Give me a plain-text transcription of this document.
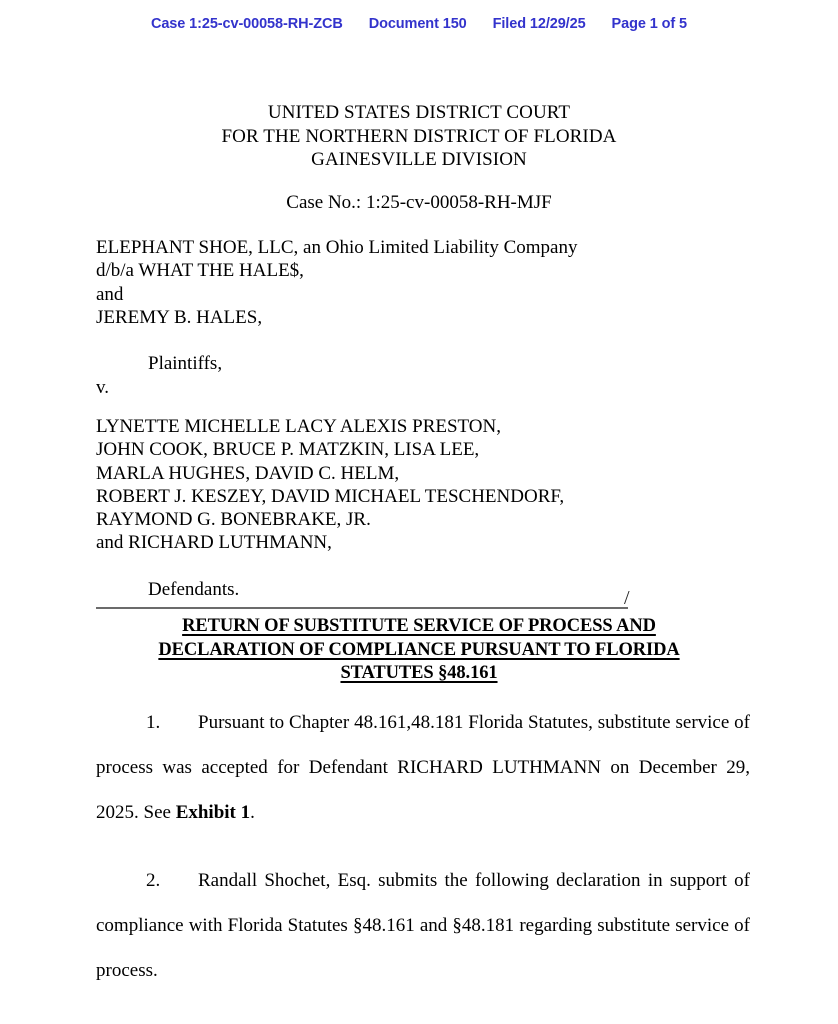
Case 1:25-cv-00058-RH-ZCB Document 150 Filed 12/29/25 Page 1 of 5
UNITED STATES DISTRICT COURT
FOR THE NORTHERN DISTRICT OF FLORIDA
GAINESVILLE DIVISION
Case No.: 1:25-cv-00058-RH-MJF
ELEPHANT SHOE, LLC, an Ohio Limited Liability Company
d/b/a WHAT THE HALE$,
and
JEREMY B. HALES,
Plaintiffs,
v.
LYNETTE MICHELLE LACY ALEXIS PRESTON,
JOHN COOK, BRUCE P. MATZKIN, LISA LEE,
MARLA HUGHES, DAVID C. HELM,
ROBERT J. KESZEY, DAVID MICHAEL TESCHENDORF,
RAYMOND G. BONEBRAKE, JR.
and RICHARD LUTHMANN,
Defendants.	/
RETURN OF SUBSTITUTE SERVICE OF PROCESS AND
DECLARATION OF COMPLIANCE PURSUANT TO FLORIDA
STATUTES §48.161

1. Pursuant to Chapter 48.161,48.181 Florida Statutes, substitute service of process was accepted for Defendant RICHARD LUTHMANN on December 29, 2025. See Exhibit 1.

2. Randall Shochet, Esq. submits the following declaration in support of compliance with Florida Statutes §48.161 and §48.181 regarding substitute service of process.
